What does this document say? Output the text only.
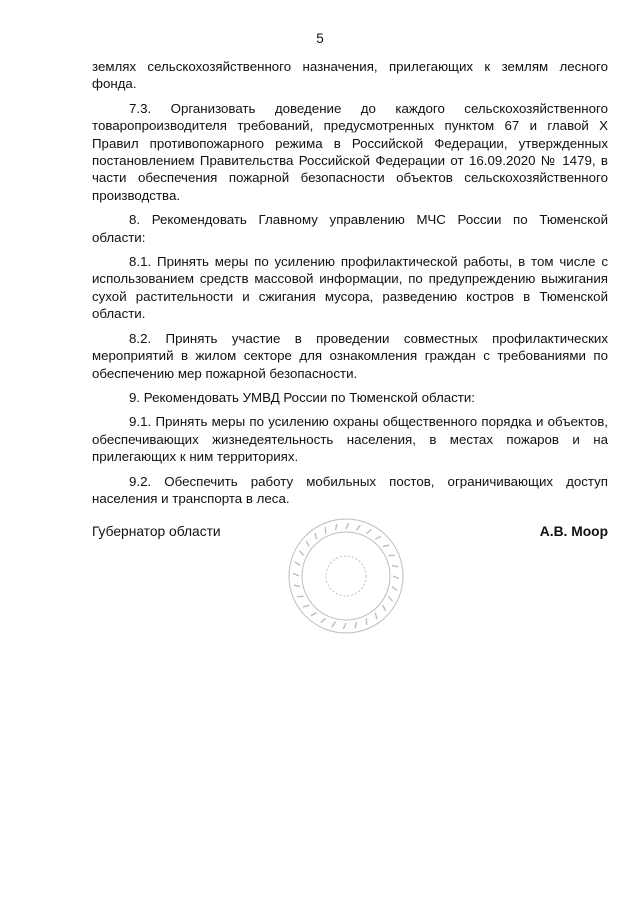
5

землях сельскохозяйственного назначения, прилегающих к землям лесного фонда.

7.3. Организовать доведение до каждого сельскохозяйственного товаропроизводителя требований, предусмотренных пунктом 67 и главой X Правил противопожарного режима в Российской Федерации, утвержденных постановлением Правительства Российской Федерации от 16.09.2020 № 1479, в части обеспечения пожарной безопасности объектов сельскохозяйственного производства.

8. Рекомендовать Главному управлению МЧС России по Тюменской области:

8.1. Принять меры по усилению профилактической работы, в том числе с использованием средств массовой информации, по предупреждению выжигания сухой растительности и сжигания мусора, разведению костров в Тюменской области.

8.2. Принять участие в проведении совместных профилактических мероприятий в жилом секторе для ознакомления граждан с требованиями по обеспечению мер пожарной безопасности.

9. Рекомендовать УМВД России по Тюменской области:

9.1. Принять меры по усилению охраны общественного порядка и объектов, обеспечивающих жизнедеятельность населения, в местах пожаров и на прилегающих к ним территориях.

9.2. Обеспечить работу мобильных постов, ограничивающих доступ населения и транспорта в леса.

Губернатор области	А.В. Моор
